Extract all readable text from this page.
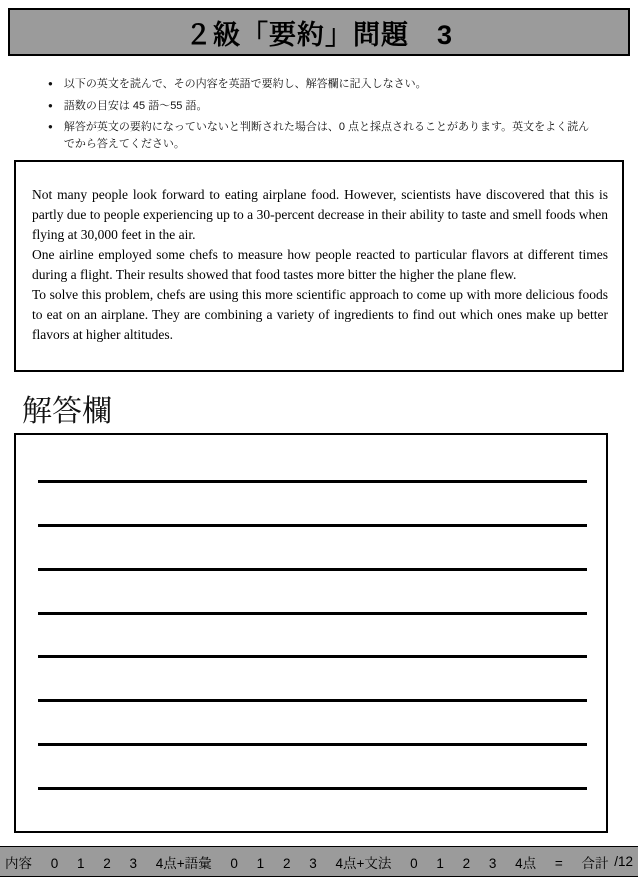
２級「要約」問題　3
● 以下の英文を読んで、その内容を英語で要約し、解答欄に記入しなさい。
● 語数の目安は 45 語〜55 語。
● 解答が英文の要約になっていないと判断された場合は、0 点と採点されることがあります。英文をよく読んでから答えてください。

Not many people look forward to eating airplane food. However, scientists have discovered that this is partly due to people experiencing up to a 30-percent decrease in their ability to taste and smell foods when flying at 30,000 feet in the air.

One airline employed some chefs to measure how people reacted to particular flavors at different times during a flight. Their results showed that food tastes more bitter the higher the plane flew.

To solve this problem, chefs are using this more scientific approach to come up with more delicious foods to eat on an airplane. They are combining a variety of ingredients to find out which ones make up better flavors at higher altitudes.

解答欄
内容 0 1 2 3 4点+語彙 0 1 2 3 4点+文法 0 1 2 3 4点 = 合計 /12
